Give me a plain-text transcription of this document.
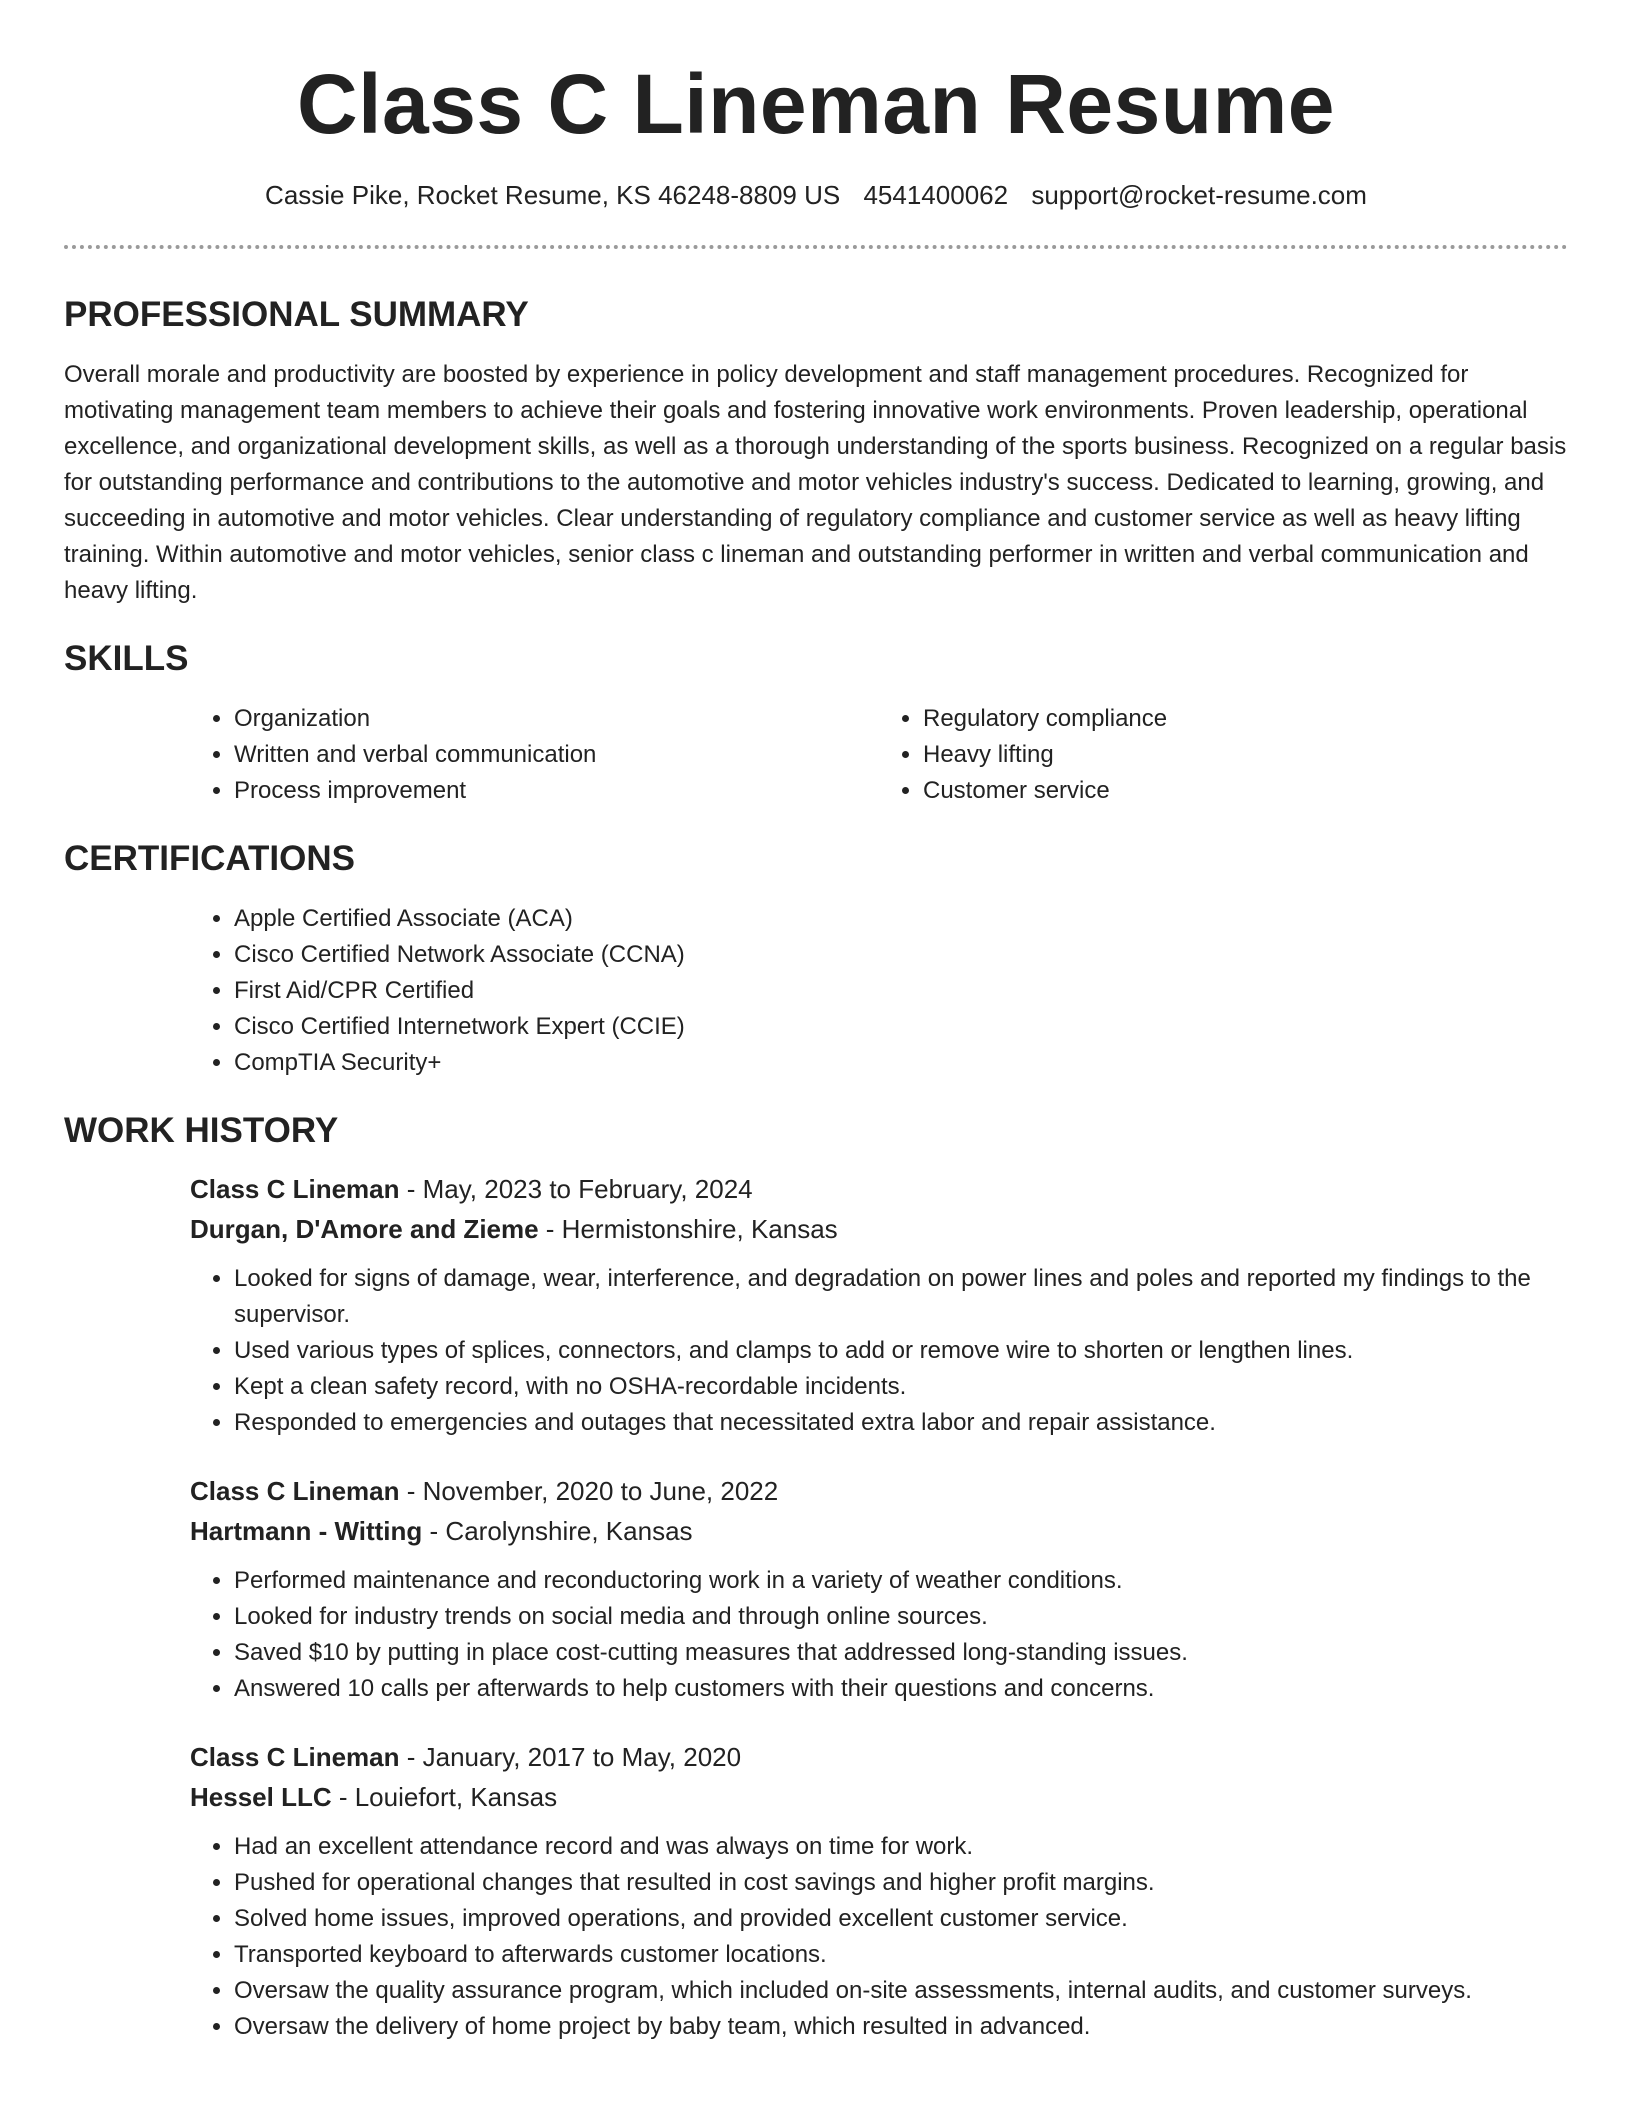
Class C Lineman Resume
Cassie Pike, Rocket Resume, KS 46248-8809 US 4541400062 support@rocket-resume.com
PROFESSIONAL SUMMARY

Overall morale and productivity are boosted by experience in policy development and staff management procedures. Recognized for motivating management team members to achieve their goals and fostering innovative work environments. Proven leadership, operational excellence, and organizational development skills, as well as a thorough understanding of the sports business. Recognized on a regular basis for outstanding performance and contributions to the automotive and motor vehicles industry's success. Dedicated to learning, growing, and succeeding in automotive and motor vehicles. Clear understanding of regulatory compliance and customer service as well as heavy lifting training. Within automotive and motor vehicles, senior class c lineman and outstanding performer in written and verbal communication and heavy lifting.

SKILLS
• Organization
• Written and verbal communication
• Process improvement
• Regulatory compliance
• Heavy lifting
• Customer service
CERTIFICATIONS
• Apple Certified Associate (ACA)
• Cisco Certified Network Associate (CCNA)
• First Aid/CPR Certified
• Cisco Certified Internetwork Expert (CCIE)
• CompTIA Security+
WORK HISTORY
Class C Lineman - May, 2023 to February, 2024
Durgan, D'Amore and Zieme - Hermistonshire, Kansas
• Looked for signs of damage, wear, interference, and degradation on power lines and poles and reported my findings to the supervisor.
• Used various types of splices, connectors, and clamps to add or remove wire to shorten or lengthen lines.
• Kept a clean safety record, with no OSHA-recordable incidents.
• Responded to emergencies and outages that necessitated extra labor and repair assistance.
Class C Lineman - November, 2020 to June, 2022
Hartmann - Witting - Carolynshire, Kansas
• Performed maintenance and reconductoring work in a variety of weather conditions.
• Looked for industry trends on social media and through online sources.
• Saved $10 by putting in place cost-cutting measures that addressed long-standing issues.
• Answered 10 calls per afterwards to help customers with their questions and concerns.
Class C Lineman - January, 2017 to May, 2020
Hessel LLC - Louiefort, Kansas
• Had an excellent attendance record and was always on time for work.
• Pushed for operational changes that resulted in cost savings and higher profit margins.
• Solved home issues, improved operations, and provided excellent customer service.
• Transported keyboard to afterwards customer locations.
• Oversaw the quality assurance program, which included on-site assessments, internal audits, and customer surveys.
• Oversaw the delivery of home project by baby team, which resulted in advanced.
